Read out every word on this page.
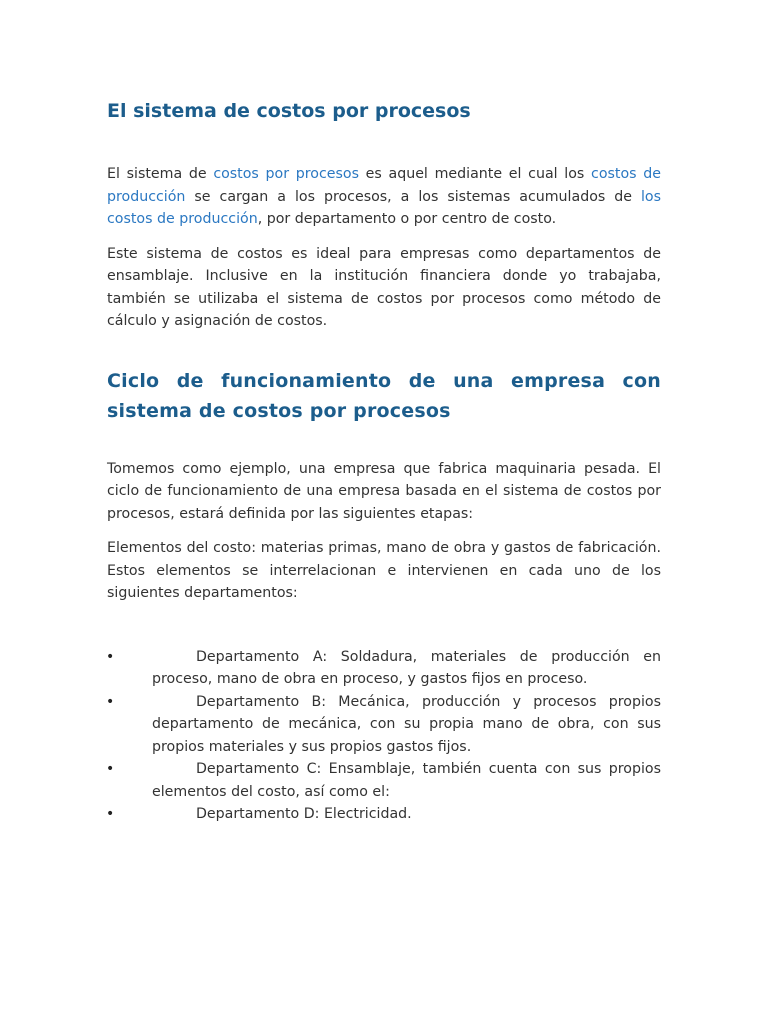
El sistema de costos por procesos

El sistema de costos por procesos es aquel mediante el cual los costos de producción se cargan a los procesos, a los sistemas acumulados de los costos de producción, por departamento o por centro de costo.

Este sistema de costos es ideal para empresas como departamentos de ensamblaje. Inclusive en la institución financiera donde yo trabajaba, también se utilizaba el sistema de costos por procesos como método de cálculo y asignación de costos.

Ciclo de funcionamiento de una empresa con sistema de costos por procesos

Tomemos como ejemplo, una empresa que fabrica maquinaria pesada. El ciclo de funcionamiento de una empresa basada en el sistema de costos por procesos, estará definida por las siguientes etapas:

Elementos del costo: materias primas, mano de obra y gastos de fabricación. Estos elementos se interrelacionan e intervienen en cada uno de los siguientes departamentos:

•	Departamento A: Soldadura, materiales de producción en proceso, mano de obra en proceso, y gastos fijos en proceso.
•	Departamento B: Mecánica, producción y procesos propios departamento de mecánica, con su propia mano de obra, con sus propios materiales y sus propios gastos fijos.
•	Departamento C: Ensamblaje, también cuenta con sus propios elementos del costo, así como el:
•	Departamento D: Electricidad.
